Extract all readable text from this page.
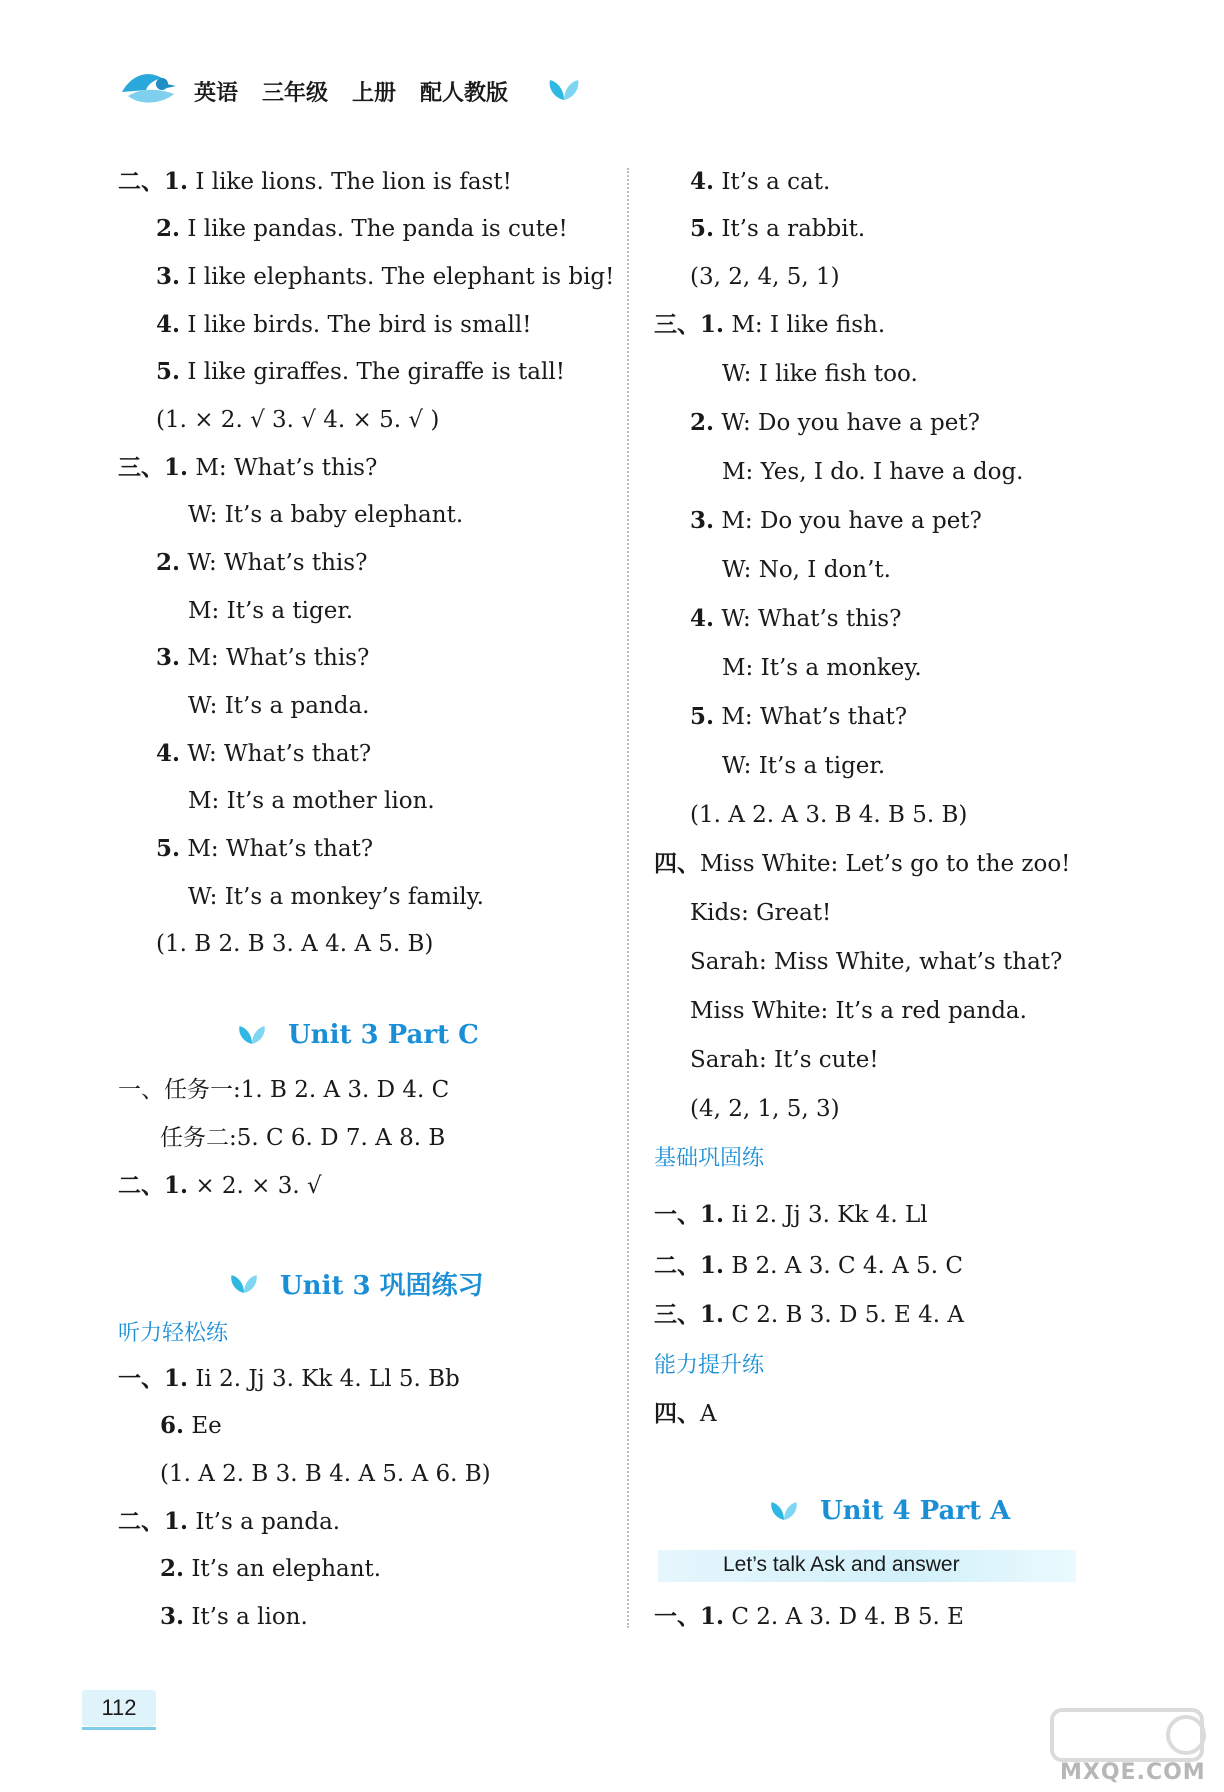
英语 三年级 上册 配人教版
二、1. I like lions. The lion is fast!
2. I like pandas. The panda is cute!
3. I like elephants. The elephant is big!
4. I like birds. The bird is small!
5. I like giraffes. The giraffe is tall!
(1. × 2. √ 3. √ 4. × 5. √ )
三、1. M: What’s this?
W: It’s a baby elephant.
2. W: What’s this?
M: It’s a tiger.
3. M: What’s this?
W: It’s a panda.
4. W: What’s that?
M: It’s a mother lion.
5. M: What’s that?
W: It’s a monkey’s family.
(1. B 2. B 3. A 4. A 5. B)
Unit 3 Part C
一、任务一:1. B 2. A 3. D 4. C
任务二:5. C 6. D 7. A 8. B
二、1. × 2. × 3. √
Unit 3 巩固练习
听力轻松练
一、1. Ii 2. Jj 3. Kk 4. Ll 5. Bb
6. Ee
(1. A 2. B 3. B 4. A 5. A 6. B)
二、1. It’s a panda.
2. It’s an elephant.
3. It’s a lion.
4. It’s a cat.
5. It’s a rabbit.
(3, 2, 4, 5, 1)
三、1. M: I like fish.
W: I like fish too.
2. W: Do you have a pet?
M: Yes, I do. I have a dog.
3. M: Do you have a pet?
W: No, I don’t.
4. W: What’s this?
M: It’s a monkey.
5. M: What’s that?
W: It’s a tiger.
(1. A 2. A 3. B 4. B 5. B)
四、Miss White: Let’s go to the zoo!
Kids: Great!
Sarah: Miss White, what’s that?
Miss White: It’s a red panda.
Sarah: It’s cute!
(4, 2, 1, 5, 3)
基础巩固练
一、1. Ii 2. Jj 3. Kk 4. Ll
二、1. B 2. A 3. C 4. A 5. C
三、1. C 2. B 3. D 5. E 4. A
能力提升练
四、A
Unit 4 Part A
Let’s talk Ask and answer
一、1. C 2. A 3. D 4. B 5. E
112
MXQE.COM
